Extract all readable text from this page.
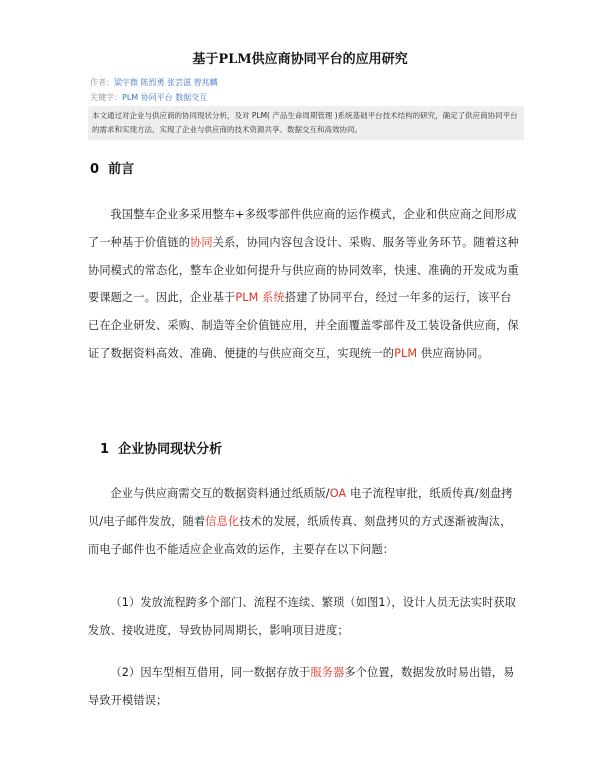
基于PLM供应商协同平台的应用研究
作者：梁宇微 陈烈勇 张芸滋 曾兆麟
关键字：PLM 协同平台 数据交互
本文通过对企业与供应商的协同现状分析，及对 PLM( 产品生命周期管理 )系统基础平台技术结构的研究，确定了供应商协同平台的需求和实现方法，实现了企业与供应商的技术资源共享、数据交互和高效协同。
0 前言

我国整车企业多采用整车+多级零部件供应商的运作模式，企业和供应商之间形成了一种基于价值链的协同关系，协同内容包含设计、采购、服务等业务环节。随着这种协同模式的常态化，整车企业如何提升与供应商的协同效率，快速、准确的开发成为重要课题之一。因此，企业基于PLM 系统搭建了协同平台，经过一年多的运行，该平台已在企业研发、采购、制造等全价值链应用，并全面覆盖零部件及工装设备供应商，保证了数据资料高效、准确、便捷的与供应商交互，实现统一的PLM 供应商协同。

1 企业协同现状分析

企业与供应商需交互的数据资料通过纸质版/OA 电子流程审批，纸质传真/刻盘拷贝/电子邮件发放，随着信息化技术的发展，纸质传真、刻盘拷贝的方式逐渐被淘汰，而电子邮件也不能适应企业高效的运作，主要存在以下问题：

（1）发放流程跨多个部门、流程不连续、繁琐（如图1），设计人员无法实时获取发放、接收进度，导致协同周期长，影响项目进度；

（2）因车型相互借用，同一数据存放于服务器多个位置，数据发放时易出错，易导致开模错误；
